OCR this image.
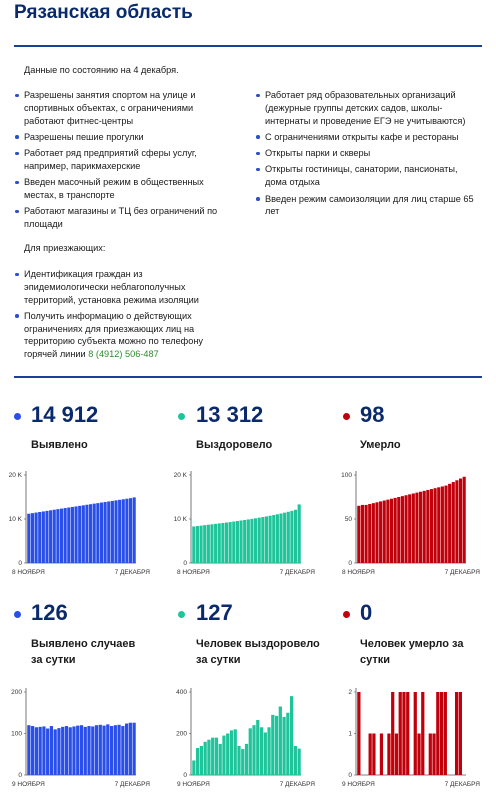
Рязанская область
Данные по состоянию на 4 декабря.
Разрешены занятия спортом на улице и спортивных объектах, с ограничениями работают фитнес-центры
Разрешены пешие прогулки
Работает ряд предприятий сферы услуг, например, парикмахерские
Введен масочный режим в общественных местах, в транспорте
Работают магазины и ТЦ без ограничений по площади
Работает ряд образовательных организаций (дежурные группы детских садов, школы-интернаты и проведение ЕГЭ не учитываются)
С ограничениями открыты кафе и рестораны
Открыты парки и скверы
Открыты гостиницы, санатории, пансионаты, дома отдыха
Введен режим самоизоляции для лиц старше 65 лет
Для приезжающих:
Идентификация граждан из эпидемиологически неблагополучных территорий, установка режима изоляции
Получить информацию о действующих ограничениях для приезжающих лиц на территорию субъекта можно по телефону горячей линии 8 (4912) 506-487
14 912
Выявлено
13 312
Выздоровело
98
Умерло
126
Выявлено случаев за сутки
127
Человек выздоровело за сутки
0
Человек умерло за сутки
0
10 K
20 K
8 НОЯБРЯ	7 ДЕКАБРЯ
0
10 K
20 K
8 НОЯБРЯ	7 ДЕКАБРЯ
0
50
100
8 НОЯБРЯ	7 ДЕКАБРЯ
0
100
200
9 НОЯБРЯ	7 ДЕКАБРЯ
0
200
400
9 НОЯБРЯ	7 ДЕКАБРЯ
0
1
2
9 НОЯБРЯ	7 ДЕКАБРЯ
